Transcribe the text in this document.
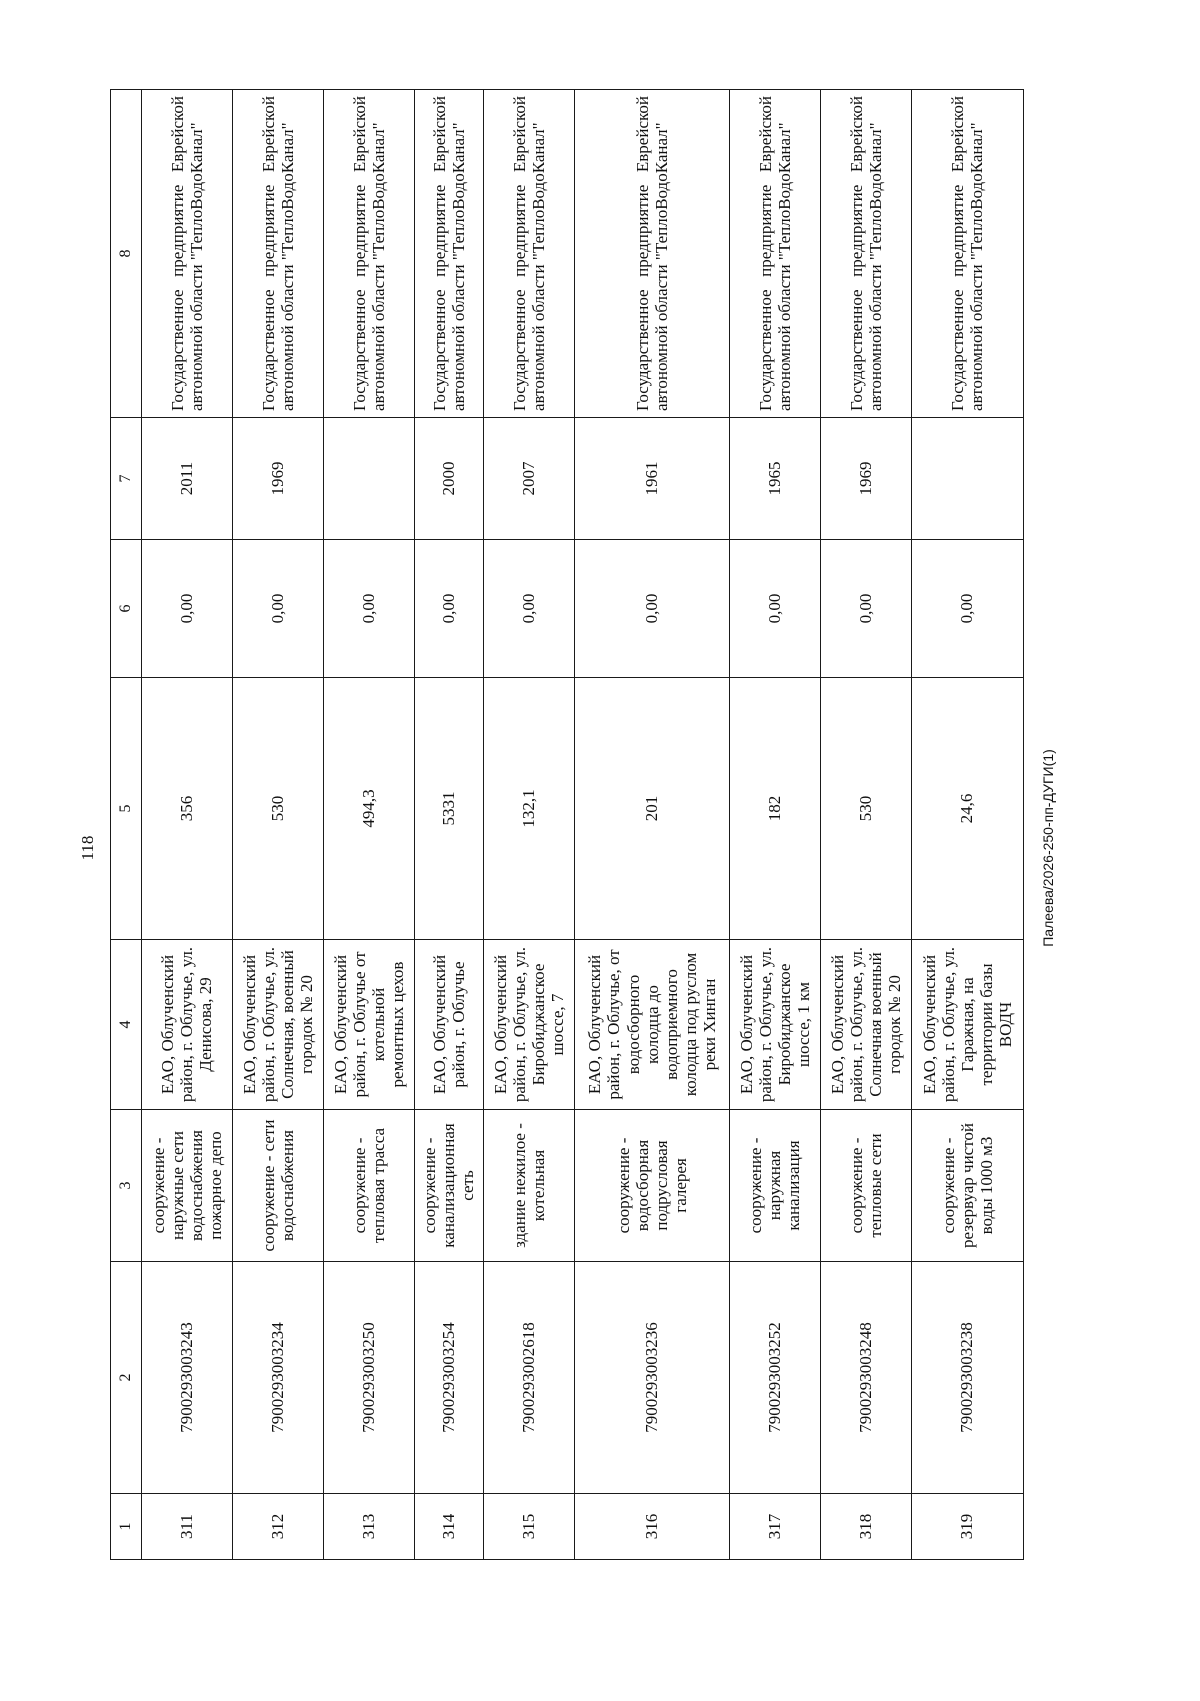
118
1	2	3	4	5	6	7	8
311	7900293003243	сооружение - наружные сети водоснабжения пожарное депо	ЕАО, Облученский район, г. Облучье, ул. Денисова, 29	356	0,00	2011	Государственное предприятие Еврейской автономной области "ТеплоВодоКанал"
312	7900293003234	сооружение - сети водоснабжения	ЕАО, Облученский район, г. Облучье, ул. Солнечная, военный городок № 20	530	0,00	1969	Государственное предприятие Еврейской автономной области "ТеплоВодоКанал"
313	7900293003250	сооружение - тепловая трасса	ЕАО, Облученский район, г. Облучье от котельной ремонтных цехов	494,3	0,00		Государственное предприятие Еврейской автономной области "ТеплоВодоКанал"
314	7900293003254	сооружение - канализационная сеть	ЕАО, Облученский район, г. Облучье	5331	0,00	2000	Государственное предприятие Еврейской автономной области "ТеплоВодоКанал"
315	7900293002618	здание нежилое - котельная	ЕАО, Облученский район, г. Облучье, ул. Биробиджанское шоссе, 7	132,1	0,00	2007	Государственное предприятие Еврейской автономной области "ТеплоВодоКанал"
316	7900293003236	сооружение - водосборная подрусловая галерея	ЕАО, Облученский район, г. Облучье, от водосборного колодца до водоприемного колодца под руслом реки Хинган	201	0,00	1961	Государственное предприятие Еврейской автономной области "ТеплоВодоКанал"
317	7900293003252	сооружение - наружная канализация	ЕАО, Облученский район, г. Облучье, ул. Биробиджанское шоссе, 1 км	182	0,00	1965	Государственное предприятие Еврейской автономной области "ТеплоВодоКанал"
318	7900293003248	сооружение - тепловые сети	ЕАО, Облученский район, г. Облучье, ул. Солнечная военный городок № 20	530	0,00	1969	Государственное предприятие Еврейской автономной области "ТеплоВодоКанал"
319	7900293003238	сооружение - резервуар чистой воды 1000 м3	ЕАО, Облученский район, г. Облучье, ул. Гаражная, на территории базы ВОДЧ	24,6	0,00		Государственное предприятие Еврейской автономной области "ТеплоВодоКанал"
Палеева/2026-250-пп-ДУГИ(1)
